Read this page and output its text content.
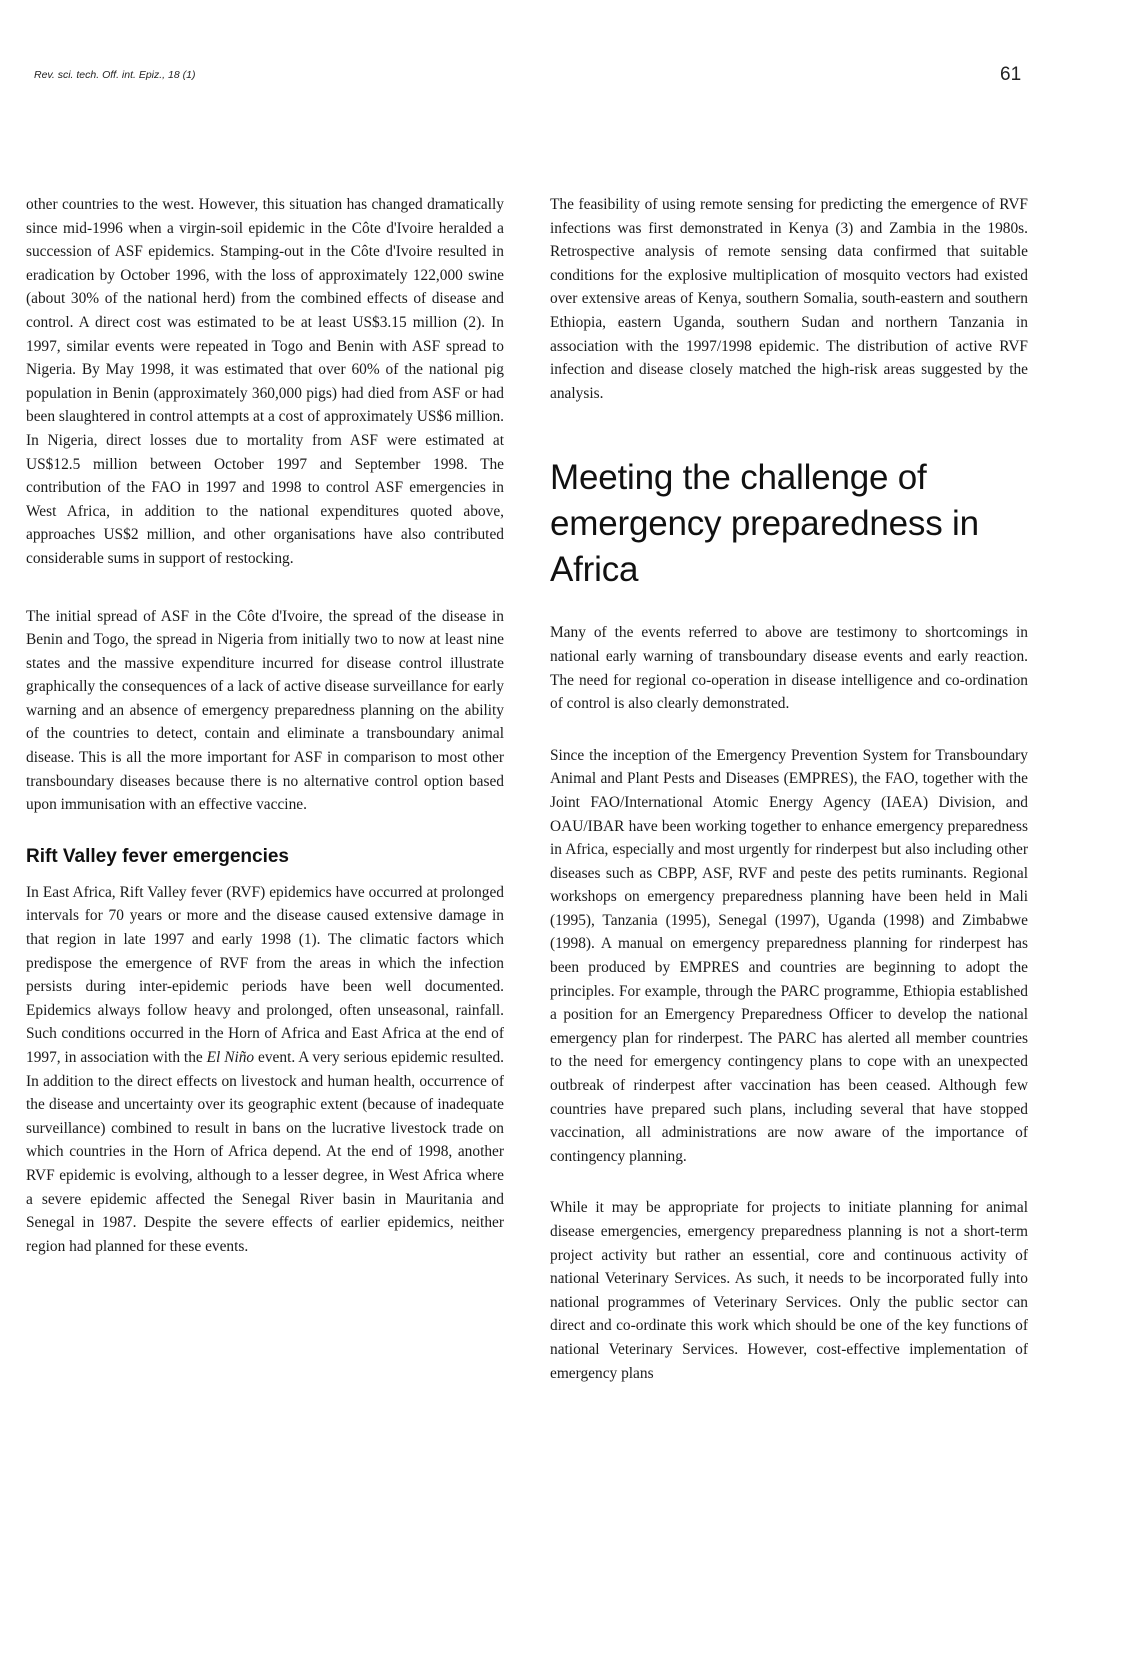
Rev. sci. tech. Off. int. Epiz., 18 (1)	61

other countries to the west. However, this situation has changed dramatically since mid-1996 when a virgin-soil epidemic in the Côte d'Ivoire heralded a succession of ASF epidemics. Stamping-out in the Côte d'Ivoire resulted in eradication by October 1996, with the loss of approximately 122,000 swine (about 30% of the national herd) from the combined effects of disease and control. A direct cost was estimated to be at least US$3.15 million (2). In 1997, similar events were repeated in Togo and Benin with ASF spread to Nigeria. By May 1998, it was estimated that over 60% of the national pig population in Benin (approximately 360,000 pigs) had died from ASF or had been slaughtered in control attempts at a cost of approximately US$6 million. In Nigeria, direct losses due to mortality from ASF were estimated at US$12.5 million between October 1997 and September 1998. The contribution of the FAO in 1997 and 1998 to control ASF emergencies in West Africa, in addition to the national expenditures quoted above, approaches US$2 million, and other organisations have also contributed considerable sums in support of restocking.

The initial spread of ASF in the Côte d'Ivoire, the spread of the disease in Benin and Togo, the spread in Nigeria from initially two to now at least nine states and the massive expenditure incurred for disease control illustrate graphically the consequences of a lack of active disease surveillance for early warning and an absence of emergency preparedness planning on the ability of the countries to detect, contain and eliminate a transboundary animal disease. This is all the more important for ASF in comparison to most other transboundary diseases because there is no alternative control option based upon immunisation with an effective vaccine.

Rift Valley fever emergencies

In East Africa, Rift Valley fever (RVF) epidemics have occurred at prolonged intervals for 70 years or more and the disease caused extensive damage in that region in late 1997 and early 1998 (1). The climatic factors which predispose the emergence of RVF from the areas in which the infection persists during inter-epidemic periods have been well documented. Epidemics always follow heavy and prolonged, often unseasonal, rainfall. Such conditions occurred in the Horn of Africa and East Africa at the end of 1997, in association with the El Niño event. A very serious epidemic resulted. In addition to the direct effects on livestock and human health, occurrence of the disease and uncertainty over its geographic extent (because of inadequate surveillance) combined to result in bans on the lucrative livestock trade on which countries in the Horn of Africa depend. At the end of 1998, another RVF epidemic is evolving, although to a lesser degree, in West Africa where a severe epidemic affected the Senegal River basin in Mauritania and Senegal in 1987. Despite the severe effects of earlier epidemics, neither region had planned for these events.

The feasibility of using remote sensing for predicting the emergence of RVF infections was first demonstrated in Kenya (3) and Zambia in the 1980s. Retrospective analysis of remote sensing data confirmed that suitable conditions for the explosive multiplication of mosquito vectors had existed over extensive areas of Kenya, southern Somalia, south-eastern and southern Ethiopia, eastern Uganda, southern Sudan and northern Tanzania in association with the 1997/1998 epidemic. The distribution of active RVF infection and disease closely matched the high-risk areas suggested by the analysis.

Meeting the challenge of emergency preparedness in Africa

Many of the events referred to above are testimony to shortcomings in national early warning of transboundary disease events and early reaction. The need for regional co-operation in disease intelligence and co-ordination of control is also clearly demonstrated.

Since the inception of the Emergency Prevention System for Transboundary Animal and Plant Pests and Diseases (EMPRES), the FAO, together with the Joint FAO/International Atomic Energy Agency (IAEA) Division, and OAU/IBAR have been working together to enhance emergency preparedness in Africa, especially and most urgently for rinderpest but also including other diseases such as CBPP, ASF, RVF and peste des petits ruminants. Regional workshops on emergency preparedness planning have been held in Mali (1995), Tanzania (1995), Senegal (1997), Uganda (1998) and Zimbabwe (1998). A manual on emergency preparedness planning for rinderpest has been produced by EMPRES and countries are beginning to adopt the principles. For example, through the PARC programme, Ethiopia established a position for an Emergency Preparedness Officer to develop the national emergency plan for rinderpest. The PARC has alerted all member countries to the need for emergency contingency plans to cope with an unexpected outbreak of rinderpest after vaccination has been ceased. Although few countries have prepared such plans, including several that have stopped vaccination, all administrations are now aware of the importance of contingency planning.

While it may be appropriate for projects to initiate planning for animal disease emergencies, emergency preparedness planning is not a short-term project activity but rather an essential, core and continuous activity of national Veterinary Services. As such, it needs to be incorporated fully into national programmes of Veterinary Services. Only the public sector can direct and co-ordinate this work which should be one of the key functions of national Veterinary Services. However, cost-effective implementation of emergency plans
